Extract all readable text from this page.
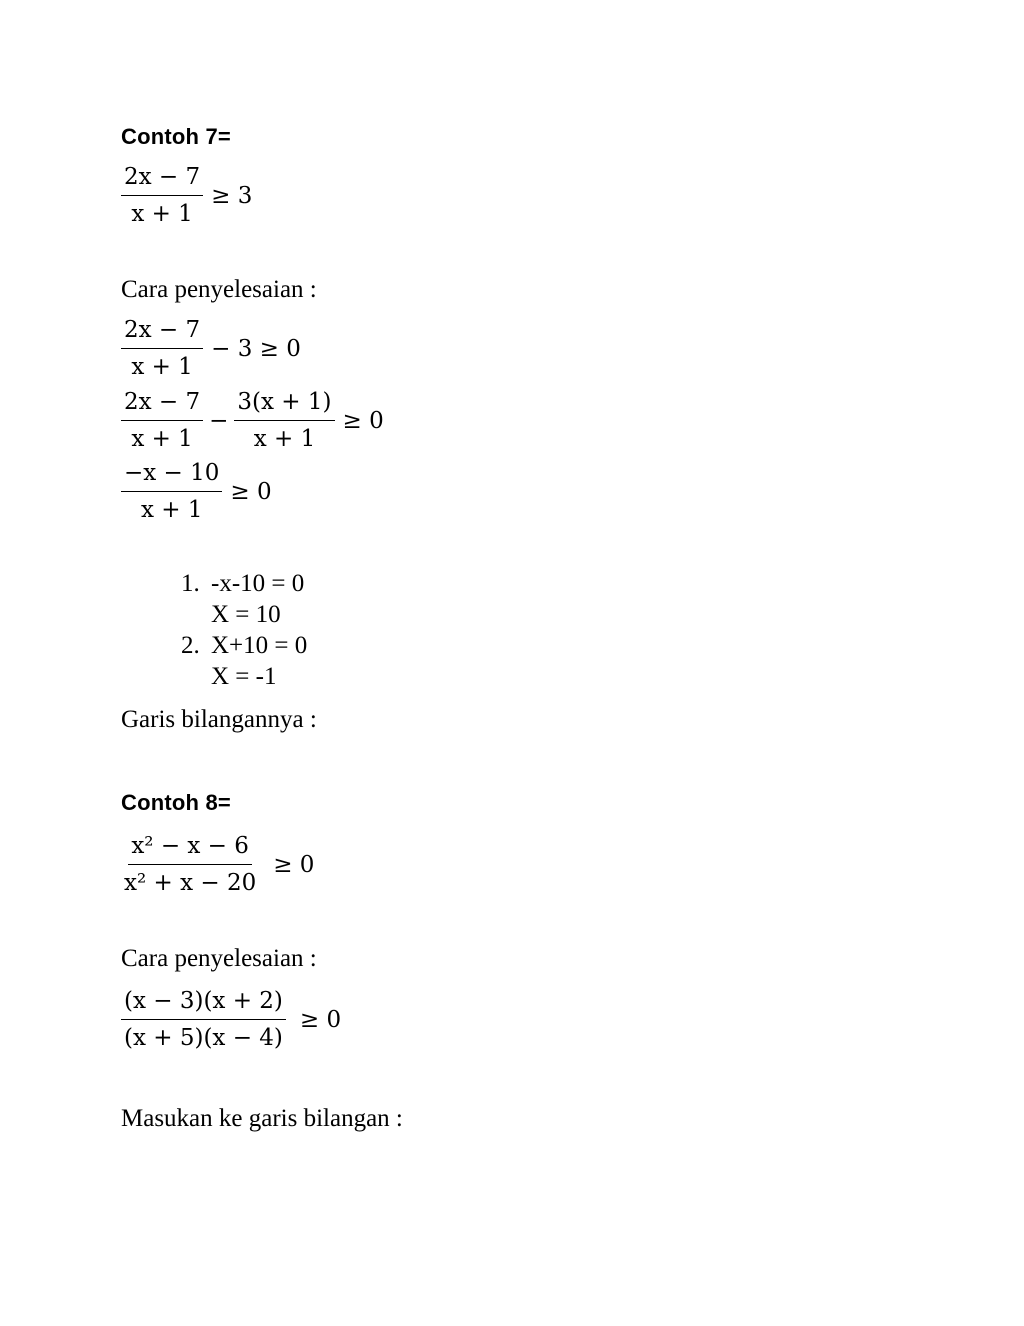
Contoh 7=
$\frac{2x - 7}{x + 1} \ge 3$
Cara penyelesaian :
$\frac{2x - 7}{x + 1} - 3 \ge 0$
$\frac{2x - 7}{x + 1} - \frac{3(x + 1)}{x + 1} \ge 0$
$\frac{-x - 10}{x + 1} \ge 0$
1. -x-10 = 0
X = 10
2. X+10 = 0
X = -1
Garis bilangannya :
Contoh 8=
$\frac{\text{x² − x − 6}}{\text{x² + x − 20}} \ge 0$
Cara penyelesaian :
$\frac{(x - 3)(x + 2)}{(x + 5)(x - 4)} \ge 0$
Masukan ke garis bilangan :
